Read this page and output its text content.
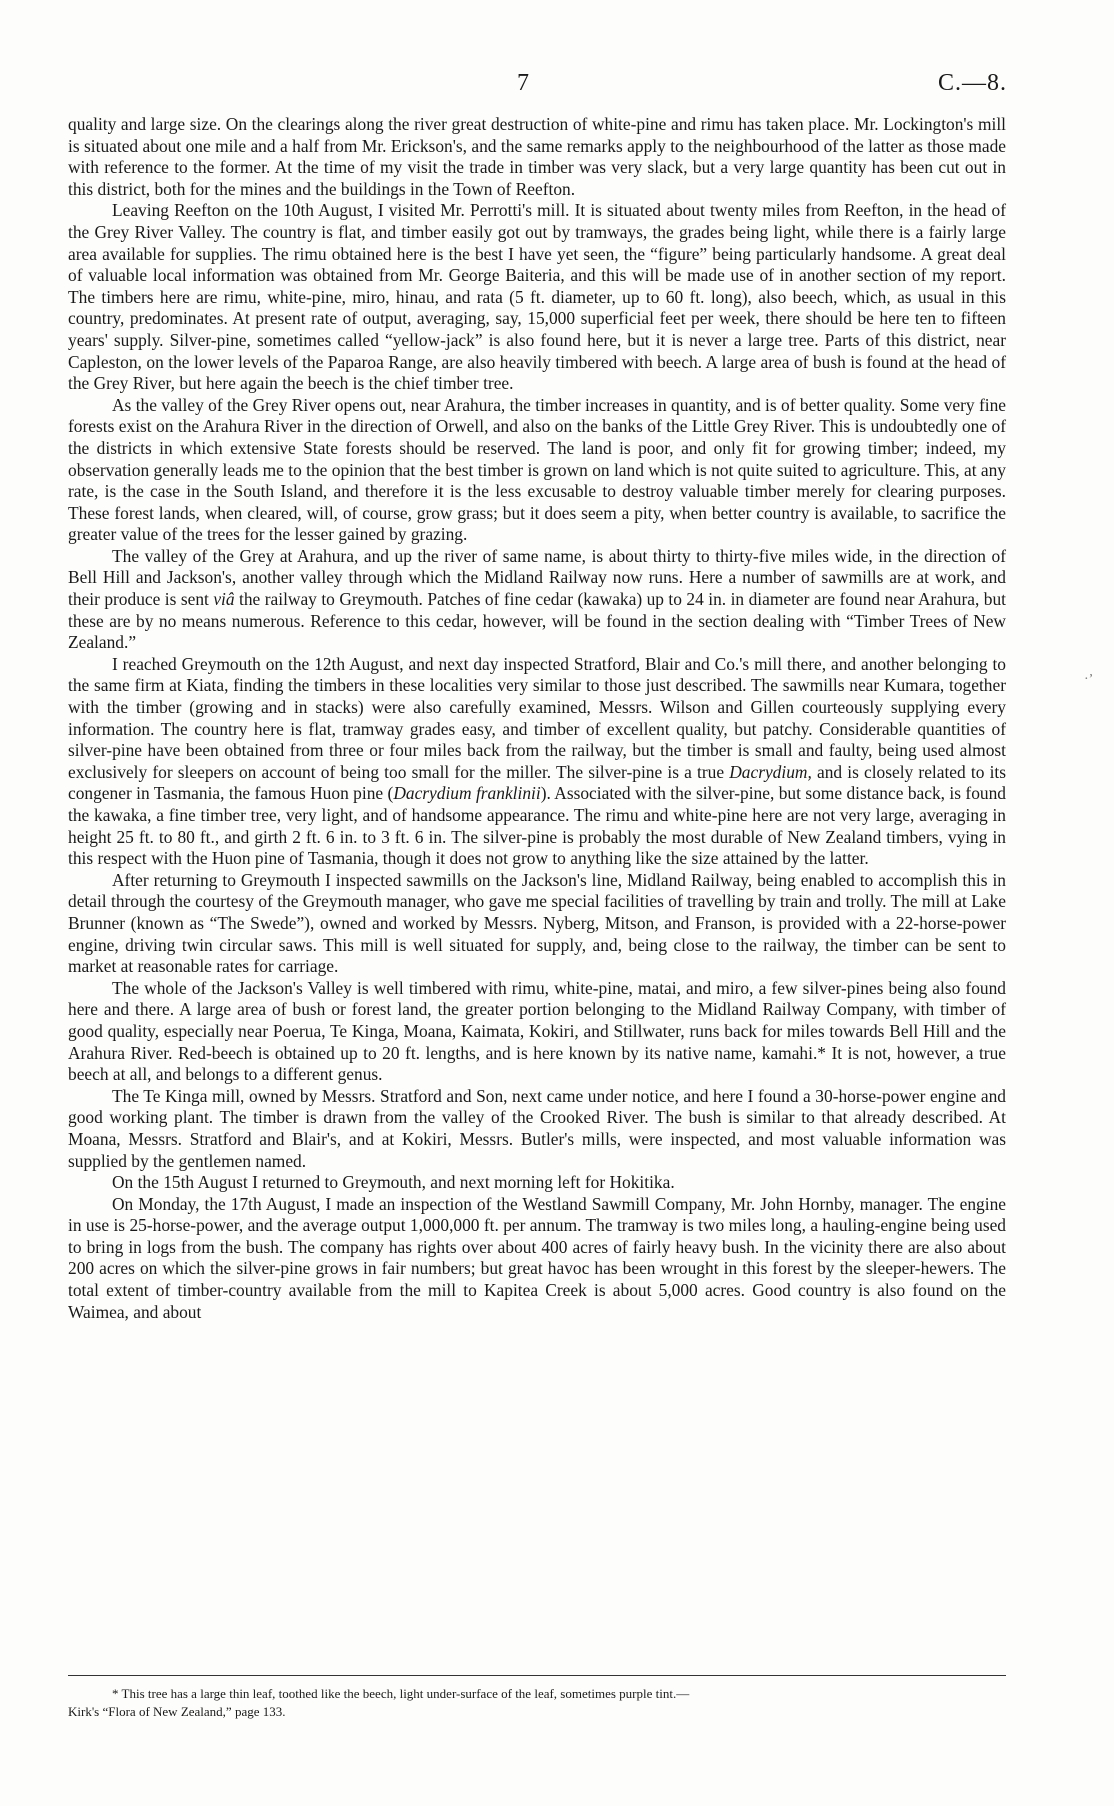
7	C.—8.

quality and large size. On the clearings along the river great destruction of white-pine and rimu has taken place. Mr. Lockington's mill is situated about one mile and a half from Mr. Erickson's, and the same remarks apply to the neighbourhood of the latter as those made with reference to the former. At the time of my visit the trade in timber was very slack, but a very large quantity has been cut out in this district, both for the mines and the buildings in the Town of Reefton.

Leaving Reefton on the 10th August, I visited Mr. Perrotti's mill. It is situated about twenty miles from Reefton, in the head of the Grey River Valley. The country is flat, and timber easily got out by tramways, the grades being light, while there is a fairly large area available for supplies. The rimu obtained here is the best I have yet seen, the “figure” being particularly handsome. A great deal of valuable local information was obtained from Mr. George Baiteria, and this will be made use of in another section of my report. The timbers here are rimu, white-pine, miro, hinau, and rata (5 ft. diameter, up to 60 ft. long), also beech, which, as usual in this country, predominates. At present rate of output, averaging, say, 15,000 superficial feet per week, there should be here ten to fifteen years' supply. Silver-pine, sometimes called “yellow-jack” is also found here, but it is never a large tree. Parts of this district, near Capleston, on the lower levels of the Paparoa Range, are also heavily timbered with beech. A large area of bush is found at the head of the Grey River, but here again the beech is the chief timber tree.

As the valley of the Grey River opens out, near Arahura, the timber increases in quantity, and is of better quality. Some very fine forests exist on the Arahura River in the direction of Orwell, and also on the banks of the Little Grey River. This is undoubtedly one of the districts in which extensive State forests should be reserved. The land is poor, and only fit for growing timber; indeed, my observation generally leads me to the opinion that the best timber is grown on land which is not quite suited to agriculture. This, at any rate, is the case in the South Island, and therefore it is the less excusable to destroy valuable timber merely for clearing purposes. These forest lands, when cleared, will, of course, grow grass; but it does seem a pity, when better country is available, to sacrifice the greater value of the trees for the lesser gained by grazing.

The valley of the Grey at Arahura, and up the river of same name, is about thirty to thirty-five miles wide, in the direction of Bell Hill and Jackson's, another valley through which the Midland Railway now runs. Here a number of sawmills are at work, and their produce is sent viâ the railway to Greymouth. Patches of fine cedar (kawaka) up to 24 in. in diameter are found near Arahura, but these are by no means numerous. Reference to this cedar, however, will be found in the section dealing with “Timber Trees of New Zealand.”

I reached Greymouth on the 12th August, and next day inspected Stratford, Blair and Co.'s mill there, and another belonging to the same firm at Kiata, finding the timbers in these localities very similar to those just described. The sawmills near Kumara, together with the timber (growing and in stacks) were also carefully examined, Messrs. Wilson and Gillen courteously supplying every information. The country here is flat, tramway grades easy, and timber of excellent quality, but patchy. Considerable quantities of silver-pine have been obtained from three or four miles back from the railway, but the timber is small and faulty, being used almost exclusively for sleepers on account of being too small for the miller. The silver-pine is a true Dacrydium, and is closely related to its congener in Tasmania, the famous Huon pine (Dacrydium franklinii). Associated with the silver-pine, but some distance back, is found the kawaka, a fine timber tree, very light, and of handsome appearance. The rimu and white-pine here are not very large, averaging in height 25 ft. to 80 ft., and girth 2 ft. 6 in. to 3 ft. 6 in. The silver-pine is probably the most durable of New Zealand timbers, vying in this respect with the Huon pine of Tasmania, though it does not grow to anything like the size attained by the latter.

After returning to Greymouth I inspected sawmills on the Jackson's line, Midland Railway, being enabled to accomplish this in detail through the courtesy of the Greymouth manager, who gave me special facilities of travelling by train and trolly. The mill at Lake Brunner (known as “The Swede”), owned and worked by Messrs. Nyberg, Mitson, and Franson, is provided with a 22-horse-power engine, driving twin circular saws. This mill is well situated for supply, and, being close to the railway, the timber can be sent to market at reasonable rates for carriage.

The whole of the Jackson's Valley is well timbered with rimu, white-pine, matai, and miro, a few silver-pines being also found here and there. A large area of bush or forest land, the greater portion belonging to the Midland Railway Company, with timber of good quality, especially near Poerua, Te Kinga, Moana, Kaimata, Kokiri, and Stillwater, runs back for miles towards Bell Hill and the Arahura River. Red-beech is obtained up to 20 ft. lengths, and is here known by its native name, kamahi.* It is not, however, a true beech at all, and belongs to a different genus.

The Te Kinga mill, owned by Messrs. Stratford and Son, next came under notice, and here I found a 30-horse-power engine and good working plant. The timber is drawn from the valley of the Crooked River. The bush is similar to that already described. At Moana, Messrs. Stratford and Blair's, and at Kokiri, Messrs. Butler's mills, were inspected, and most valuable information was supplied by the gentlemen named.

On the 15th August I returned to Greymouth, and next morning left for Hokitika.

On Monday, the 17th August, I made an inspection of the Westland Sawmill Company, Mr. John Hornby, manager. The engine in use is 25-horse-power, and the average output 1,000,000 ft. per annum. The tramway is two miles long, a hauling-engine being used to bring in logs from the bush. The company has rights over about 400 acres of fairly heavy bush. In the vicinity there are also about 200 acres on which the silver-pine grows in fair numbers; but great havoc has been wrought in this forest by the sleeper-hewers. The total extent of timber-country available from the mill to Kapitea Creek is about 5,000 acres. Good country is also found on the Waimea, and about

* This tree has a large thin leaf, toothed like the beech, light under-surface of the leaf, sometimes purple tint.—
Kirk's “Flora of New Zealand,” page 133.
·’
